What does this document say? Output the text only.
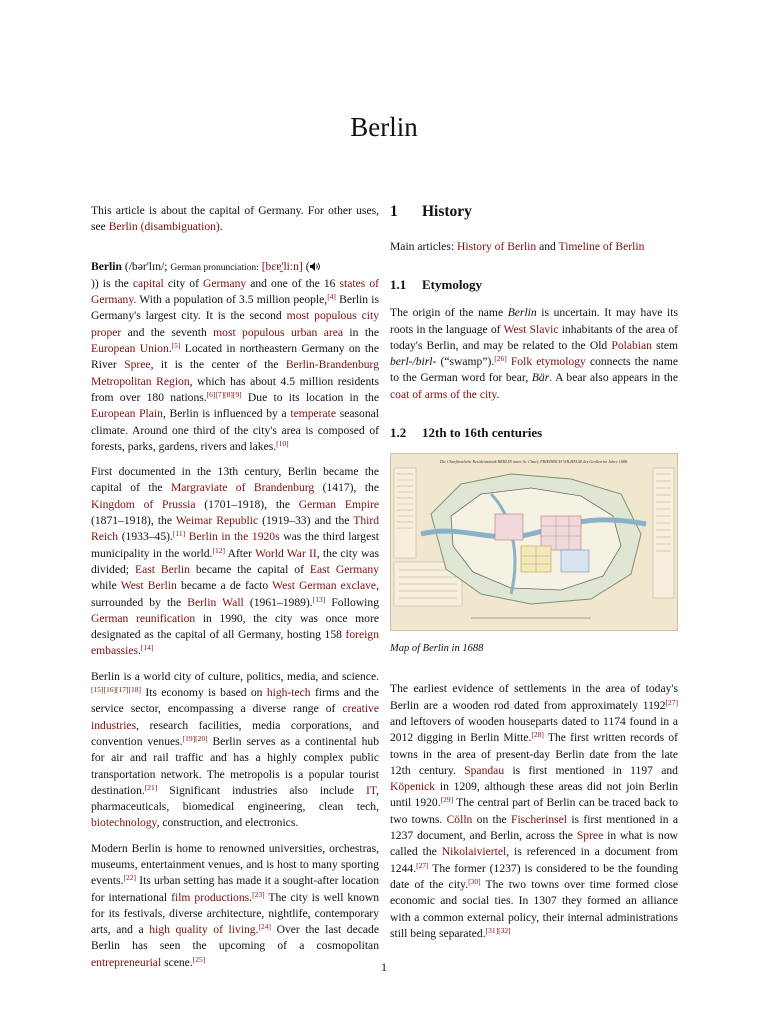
Berlin

This article is about the capital of Germany. For other uses, see Berlin (disambiguation).

Berlin (/bər'lɪn/; German pronunciation: [bɛɐ̯'liːn] (
)) is the capital city of Germany and one of the 16 states of Germany. With a population of 3.5 million people,[4] Berlin is Germany's largest city. It is the second most populous city proper and the seventh most populous urban area in the European Union.[5] Located in northeastern Germany on the River Spree, it is the center of the Berlin-Brandenburg Metropolitan Region, which has about 4.5 million residents from over 180 nations.[6][7][8][9] Due to its location in the European Plain, Berlin is influenced by a temperate seasonal climate. Around one third of the city's area is composed of forests, parks, gardens, rivers and lakes.[10]

First documented in the 13th century, Berlin became the capital of the Margraviate of Brandenburg (1417), the Kingdom of Prussia (1701–1918), the German Empire (1871–1918), the Weimar Republic (1919–33) and the Third Reich (1933–45).[11] Berlin in the 1920s was the third largest municipality in the world.[12] After World War II, the city was divided; East Berlin became the capital of East Germany while West Berlin became a de facto West German exclave, surrounded by the Berlin Wall (1961–1989).[13] Following German reunification in 1990, the city was once more designated as the capital of all Germany, hosting 158 foreign embassies.[14]

Berlin is a world city of culture, politics, media, and science.[15][16][17][18] Its economy is based on high-tech firms and the service sector, encompassing a diverse range of creative industries, research facilities, media corporations, and convention venues.[19][20] Berlin serves as a continental hub for air and rail traffic and has a highly complex public transportation network. The metropolis is a popular tourist destination.[21] Significant industries also include IT, pharmaceuticals, biomedical engineering, clean tech, biotechnology, construction, and electronics.

Modern Berlin is home to renowned universities, orchestras, museums, entertainment venues, and is host to many sporting events.[22] Its urban setting has made it a sought-after location for international film productions.[23] The city is well known for its festivals, diverse architecture, nightlife, contemporary arts, and a high quality of living.[24] Over the last decade Berlin has seen the upcoming of a cosmopolitan entrepreneurial scene.[25]

1 History

Main articles: History of Berlin and Timeline of Berlin

1.1 Etymology

The origin of the name Berlin is uncertain. It may have its roots in the language of West Slavic inhabitants of the area of today's Berlin, and may be related to the Old Polabian stem berl-/birl- (“swamp”).[26] Folk etymology connects the name to the German word for bear, Bär. A bear also appears in the coat of arms of the city.

1.2 12th to 16th centuries
Die Churfürstliche Residentzstadt BERLIN unter Sr. Churf. FRIEDRICH WILHELM des Großen im Jahre 1688.

Map of Berlin in 1688

The earliest evidence of settlements in the area of today's Berlin are a wooden rod dated from approximately 1192[27] and leftovers of wooden houseparts dated to 1174 found in a 2012 digging in Berlin Mitte.[28] The first written records of towns in the area of present-day Berlin date from the late 12th century. Spandau is first mentioned in 1197 and Köpenick in 1209, although these areas did not join Berlin until 1920.[29] The central part of Berlin can be traced back to two towns. Cölln on the Fischerinsel is first mentioned in a 1237 document, and Berlin, across the Spree in what is now called the Nikolaiviertel, is referenced in a document from 1244.[27] The former (1237) is considered to be the founding date of the city.[30] The two towns over time formed close economic and social ties. In 1307 they formed an alliance with a common external policy, their internal administrations still being separated.[31][32]

1
